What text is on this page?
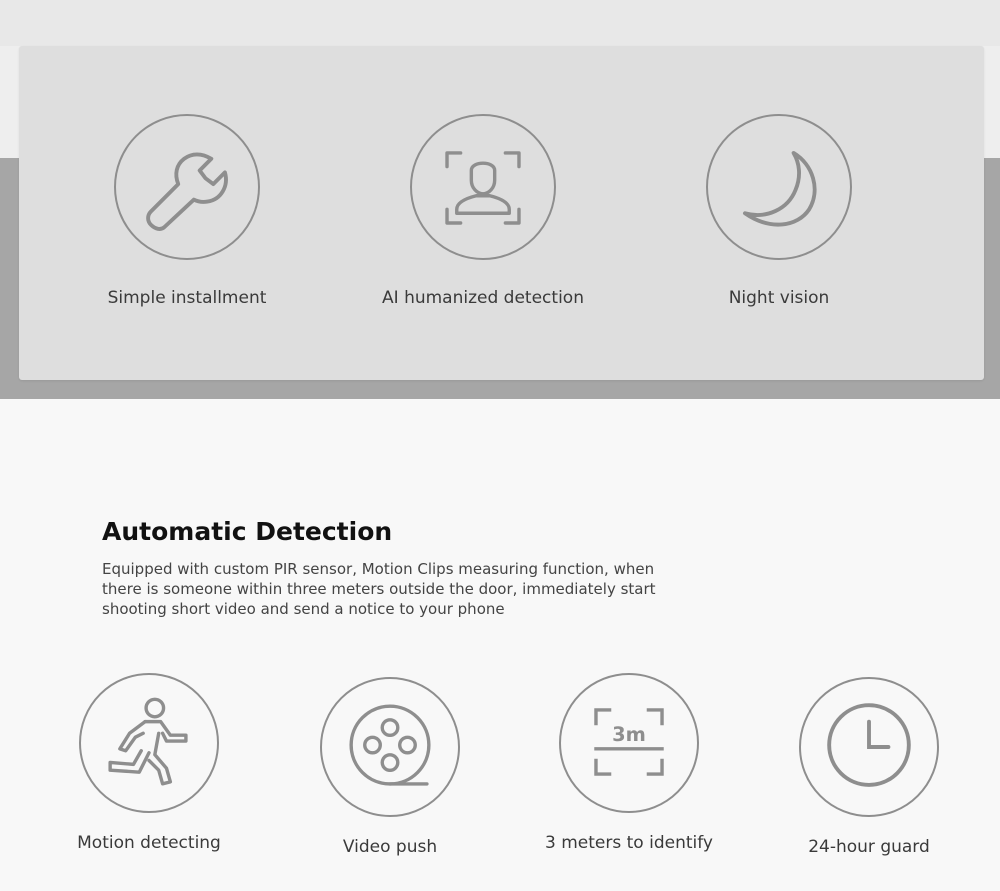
Simple installment	AI humanized detection	Night vision
Automatic Detection

Equipped with custom PIR sensor, Motion Clips measuring function, when there is someone within three meters outside the door, immediately start shooting short video and send a notice to your phone

Motion detecting	Video push
3m
3 meters to identify	24-hour guard
